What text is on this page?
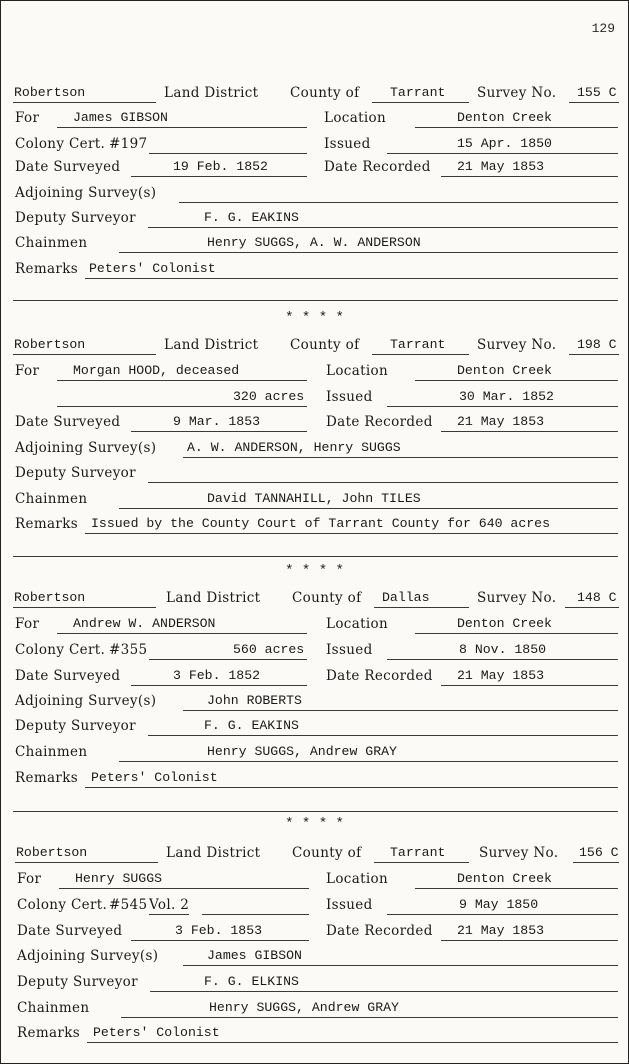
129
Robertson	Land District County of Tarrant Survey No. 155 C
For	James GIBSON	Location	Denton Creek
Colony Cert. #197	Issued	15 Apr. 1850
Date Surveyed	19 Feb. 1852	Date Recorded 21 May 1853
Adjoining Survey(s)
Deputy Surveyor	F. G. EAKINS
Chainmen	Henry SUGGS, A. W. ANDERSON
Remarks Peters' Colonist
* * * *
Robertson	Land District County of Tarrant Survey No. 198 C
For	Morgan HOOD, deceased	Location	Denton Creek
320 acres Issued	30 Mar. 1852
Date Surveyed	9 Mar. 1853	Date Recorded 21 May 1853
Adjoining Survey(s) A. W. ANDERSON, Henry SUGGS
Deputy Surveyor
Chainmen	David TANNAHILL, John TILES
Remarks Issued by the County Court of Tarrant County for 640 acres
* * * *
Robertson	Land District County of Dallas	Survey No. 148 C
For	Andrew W. ANDERSON	Location	Denton Creek
Colony Cert. #355	560 acres Issued	8 Nov. 1850
Date Surveyed	3 Feb. 1852	Date Recorded 21 May 1853
Adjoining Survey(s)	John ROBERTS
Deputy Surveyor	F. G. EAKINS
Chainmen	Henry SUGGS, Andrew GRAY
Remarks Peters' Colonist
* * * *
Robertson	Land District County of Tarrant Survey No. 156 C
For	Henry SUGGS	Location	Denton Creek
Colony Cert. #545 Vol. 2	Issued	9 May 1850
Date Surveyed	3 Feb. 1853	Date Recorded 21 May 1853
Adjoining Survey(s)	James GIBSON
Deputy Surveyor	F. G. ELKINS
Chainmen	Henry SUGGS, Andrew GRAY
Remarks Peters' Colonist
